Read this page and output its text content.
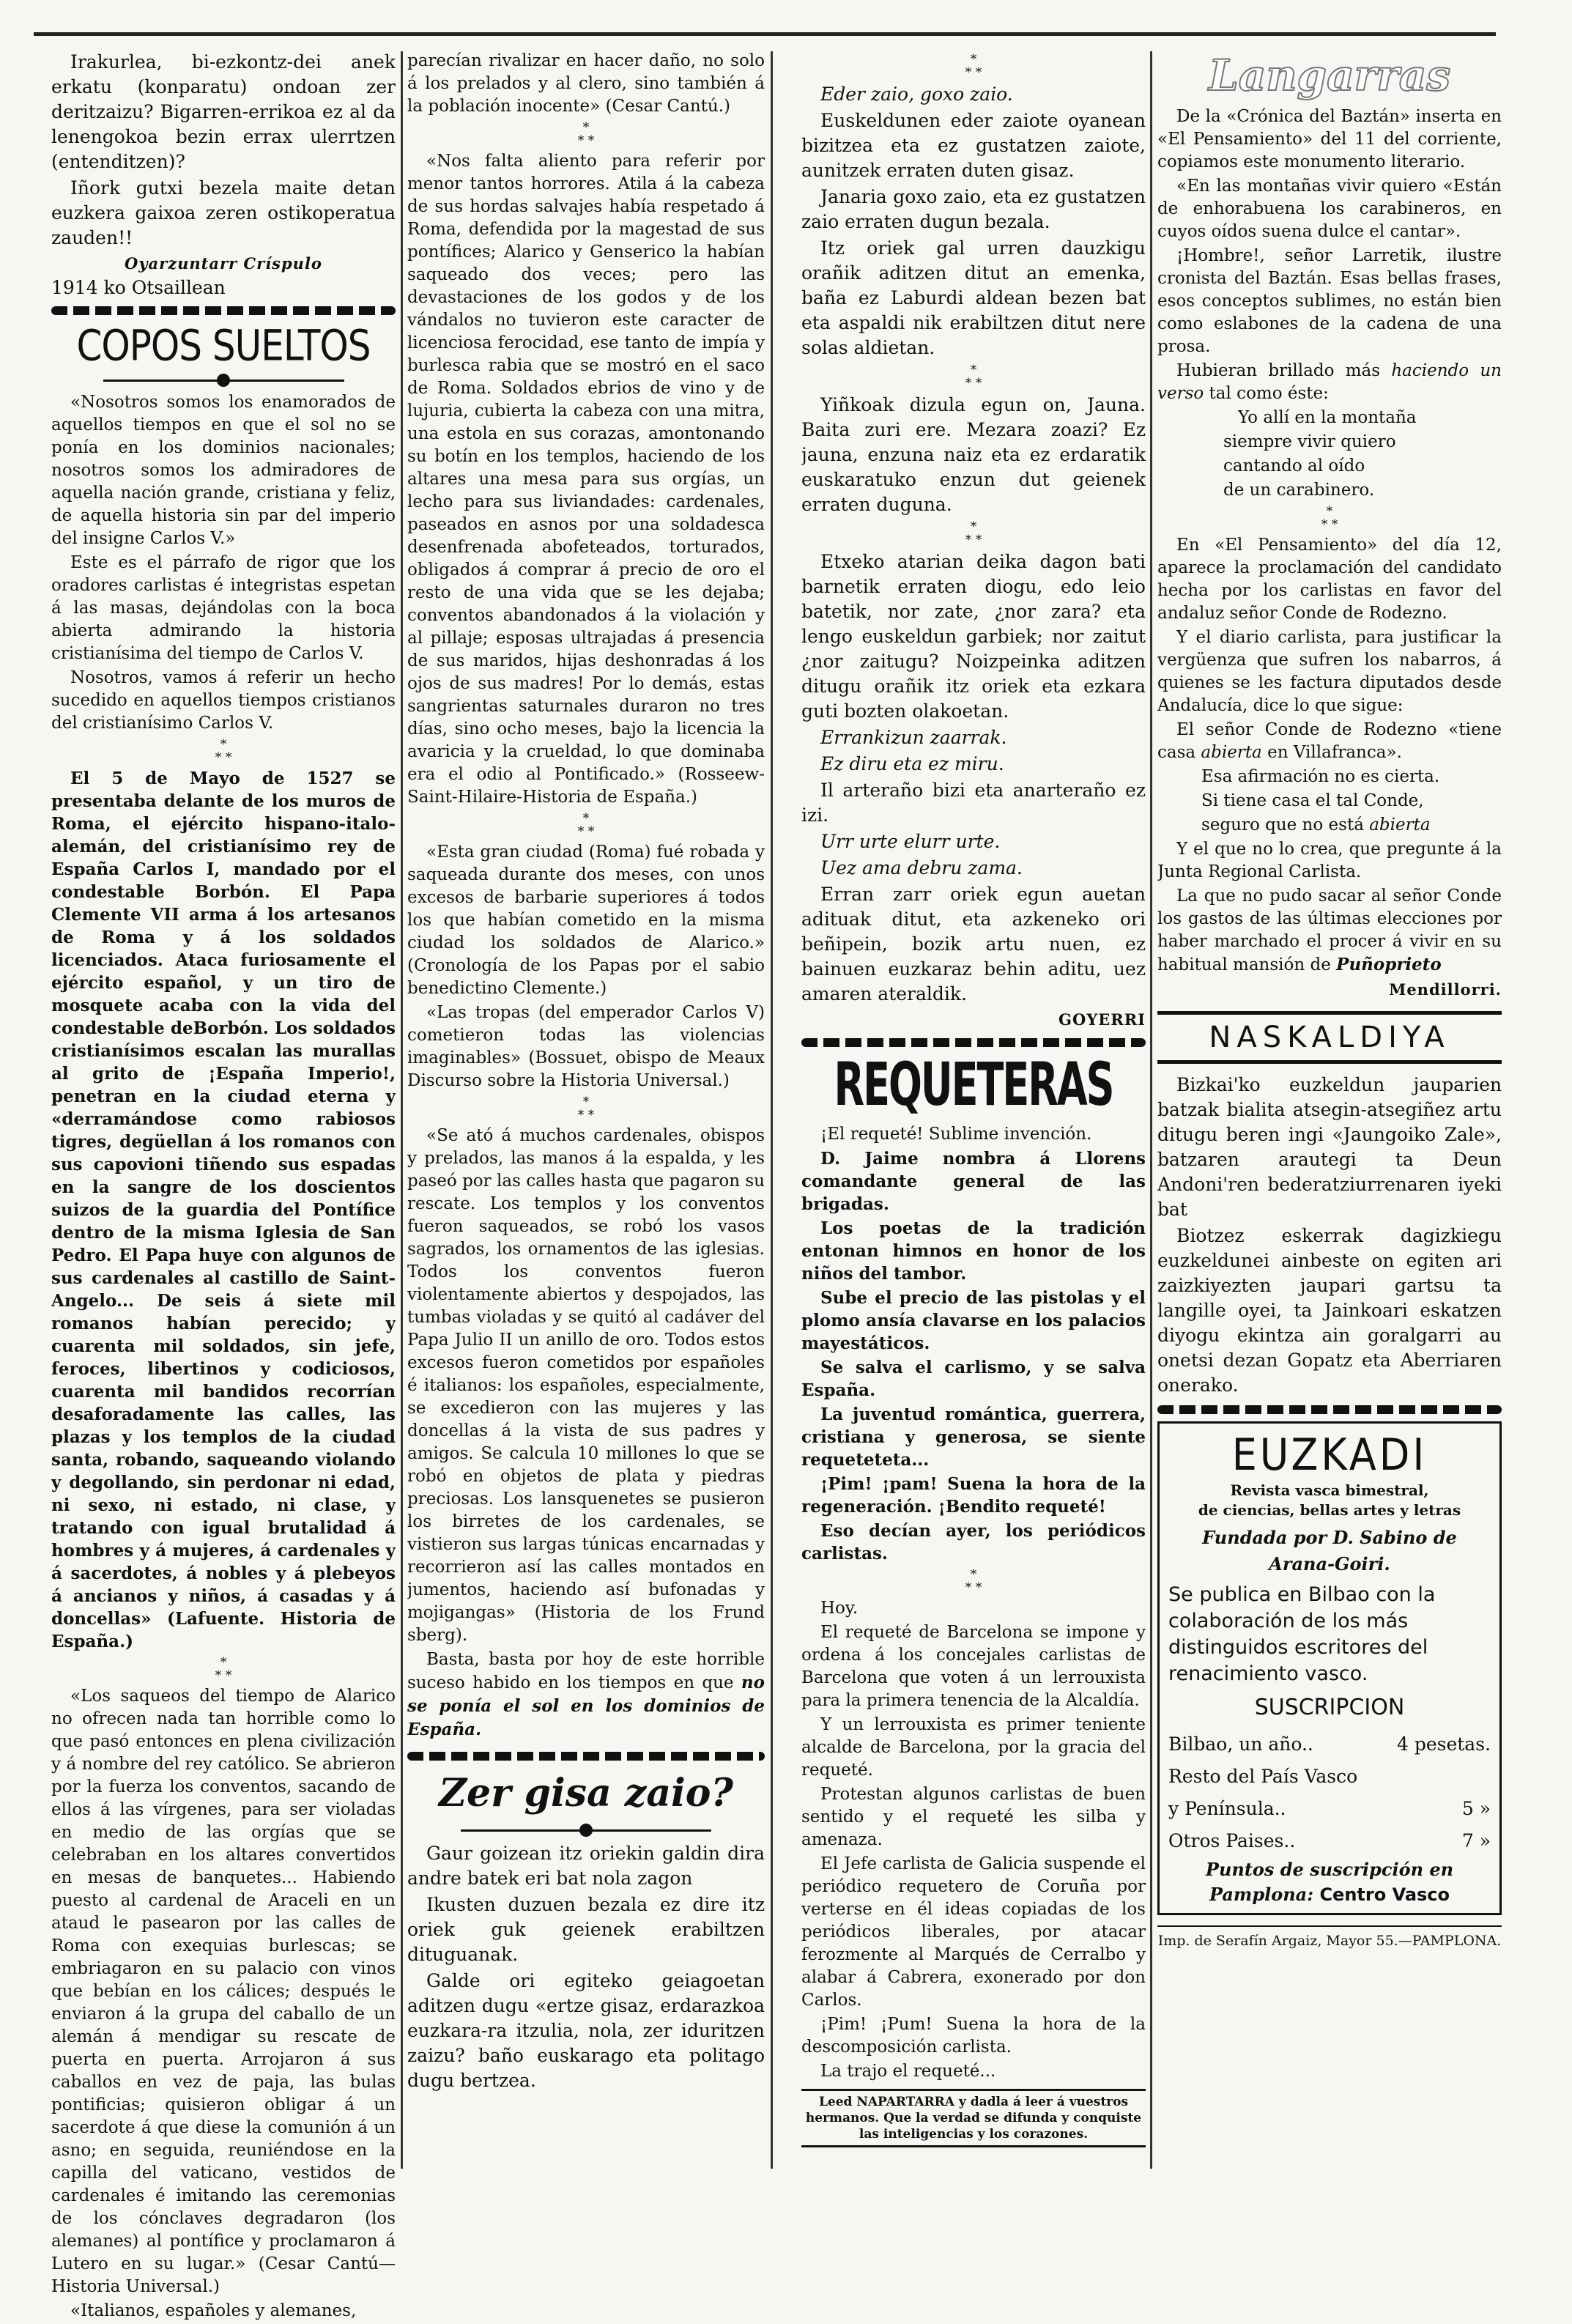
Irakurlea, bi-ezkontz-dei anek erkatu (konparatu) ondoan zer deritzaizu? Bigarren-errikoa ez al da lenengokoa bezin errax ulerrtzen (entenditzen)?

Iñork gutxi bezela maite detan euzkera gaixoa zeren ostikoperatua zauden!!

Oyarzuntarr Críspulo

1914 ko Otsaillean

COPOS SUELTOS

«Nosotros somos los enamorados de aquellos tiempos en que el sol no se ponía en los dominios nacionales; nosotros somos los admiradores de aquella nación grande, cristiana y feliz, de aquella historia sin par del imperio del insigne Carlos V.»

Este es el párrafo de rigor que los oradores carlistas é integristas espetan á las masas, dejándolas con la boca abierta admirando la historia cristianísima del tiempo de Carlos V.

Nosotros, vamos á referir un hecho sucedido en aquellos tiempos cristianos del cristianísimo Carlos V.

*
* *

El 5 de Mayo de 1527 se presentaba delante de los muros de Roma, el ejército hispano-italo-alemán, del cristianísimo rey de España Carlos I, mandado por el condestable Borbón. El Papa Clemente VII arma á los artesanos de Roma y á los soldados licenciados. Ataca furiosamente el ejército español, y un tiro de mosquete acaba con la vida del condestable deBorbón. Los soldados cristianísimos escalan las murallas al grito de ¡España Imperio!, penetran en la ciudad eterna y «derramándose como rabiosos tigres, degüellan á los romanos con sus capovioni tiñendo sus espadas en la sangre de los doscientos suizos de la guardia del Pontífice dentro de la misma Iglesia de San Pedro. El Papa huye con algunos de sus cardenales al castillo de Saint-Angelo... De seis á siete mil romanos habían perecido; y cuarenta mil soldados, sin jefe, feroces, libertinos y codiciosos, cuarenta mil bandidos recorrían desaforadamente las calles, las plazas y los templos de la ciudad santa, robando, saqueando violando y degollando, sin perdonar ni edad, ni sexo, ni estado, ni clase, y tratando con igual brutalidad á hombres y á mujeres, á cardenales y á sacerdotes, á nobles y á plebeyos á ancianos y niños, á casadas y á doncellas» (Lafuente. Historia de España.)

*
* *

«Los saqueos del tiempo de Alarico no ofrecen nada tan horrible como lo que pasó entonces en plena civilización y á nombre del rey católico. Se abrieron por la fuerza los conventos, sacando de ellos á las vírgenes, para ser violadas en medio de las orgías que se celebraban en los altares convertidos en mesas de banquetes... Habiendo puesto al cardenal de Araceli en un ataud le pasearon por las calles de Roma con exequias burlescas; se embriagaron en su palacio con vinos que bebían en los cálices; después le enviaron á la grupa del caballo de un alemán á mendigar su rescate de puerta en puerta. Arrojaron á sus caballos en vez de paja, las bulas pontificias; quisieron obligar á un sacerdote á que diese la comunión á un asno; en seguida, reuniéndose en la capilla del vaticano, vestidos de cardenales é imitando las ceremonias de los cónclaves degradaron (los alemanes) al pontífice y proclamaron á Lutero en su lugar.» (Cesar Cantú—Historia Universal.)

«Italianos, españoles y alemanes,

parecían rivalizar en hacer daño, no solo á los prelados y al clero, sino también á la población inocente» (Cesar Cantú.)

*
* *

«Nos falta aliento para referir por menor tantos horrores. Atila á la cabeza de sus hordas salvajes había respetado á Roma, defendida por la magestad de sus pontífices; Alarico y Genserico la habían saqueado dos veces; pero las devastaciones de los godos y de los vándalos no tuvieron este caracter de licenciosa ferocidad, ese tanto de impía y burlesca rabia que se mostró en el saco de Roma. Soldados ebrios de vino y de lujuria, cubierta la cabeza con una mitra, una estola en sus corazas, amontonando su botín en los templos, haciendo de los altares una mesa para sus orgías, un lecho para sus liviandades: cardenales, paseados en asnos por una soldadesca desenfrenada abofeteados, torturados, obligados á comprar á precio de oro el resto de una vida que se les dejaba; conventos abandonados á la violación y al pillaje; esposas ultrajadas á presencia de sus maridos, hijas deshonradas á los ojos de sus madres! Por lo demás, estas sangrientas saturnales duraron no tres días, sino ocho meses, bajo la licencia la avaricia y la crueldad, lo que dominaba era el odio al Pontificado.» (Rosseew-Saint-Hilaire-Historia de España.)

*
* *

«Esta gran ciudad (Roma) fué robada y saqueada durante dos meses, con unos excesos de barbarie superiores á todos los que habían cometido en la misma ciudad los soldados de Alarico.» (Cronología de los Papas por el sabio benedictino Clemente.)

«Las tropas (del emperador Carlos V) cometieron todas las violencias imaginables» (Bossuet, obispo de Meaux Discurso sobre la Historia Universal.)

*
* *

«Se ató á muchos cardenales, obispos y prelados, las manos á la espalda, y les paseó por las calles hasta que pagaron su rescate. Los templos y los conventos fueron saqueados, se robó los vasos sagrados, los ornamentos de las iglesias. Todos los conventos fueron violentamente abiertos y despojados, las tumbas violadas y se quitó al cadáver del Papa Julio II un anillo de oro. Todos estos excesos fueron cometidos por españoles é italianos: los españoles, especialmente, se excedieron con las mujeres y las doncellas á la vista de sus padres y amigos. Se calcula 10 millones lo que se robó en objetos de plata y piedras preciosas. Los lansquenetes se pusieron los birretes de los cardenales, se vistieron sus largas túnicas encarnadas y recorrieron así las calles montados en jumentos, haciendo así bufonadas y mojigangas» (Historia de los Frund sberg).

Basta, basta por hoy de este horrible suceso habido en los tiempos en que no se ponía el sol en los dominios de España.

Zer gisa zaio?

Gaur goizean itz oriekin galdin dira andre batek eri bat nola zagon

Ikusten duzuen bezala ez dire itz oriek guk geienek erabiltzen dituguanak.

Galde ori egiteko geiagoetan aditzen dugu «ertze gisaz, erdarazkoa euzkara-ra itzulia, nola, zer iduritzen zaizu? baño euskarago eta politago dugu bertzea.

*
* *

Eder zaio, goxo zaio.

Euskeldunen eder zaiote oyanean bizitzea eta ez gustatzen zaiote, aunitzek erraten duten gisaz.

Janaria goxo zaio, eta ez gustatzen zaio erraten dugun bezala.

Itz oriek gal urren dauzkigu orañik aditzen ditut an emenka, baña ez Laburdi aldean bezen bat eta aspaldi nik erabiltzen ditut nere solas aldietan.

*
* *

Yiñkoak dizula egun on, Jauna. Baita zuri ere. Mezara zoazi? Ez jauna, enzuna naiz eta ez erdaratik euskaratuko enzun dut geienek erraten duguna.

*
* *

Etxeko atarian deika dagon bati barnetik erraten diogu, edo leio batetik, nor zate, ¿nor zara? eta lengo euskeldun garbiek; nor zaitut ¿nor zaitugu? Noizpeinka aditzen ditugu orañik itz oriek eta ezkara guti bozten olakoetan.

Errankizun zaarrak.

Ez diru eta ez miru.

Il arteraño bizi eta anarteraño ez izi.

Urr urte elurr urte.

Uez ama debru zama.

Erran zarr oriek egun auetan adituak ditut, eta azkeneko ori beñipein, bozik artu nuen, ez bainuen euzkaraz behin aditu, uez amaren ateraldik.

GOYERRI

REQUETERAS

¡El requeté! Sublime invención.

D. Jaime nombra á Llorens comandante general de las brigadas.

Los poetas de la tradición entonan himnos en honor de los niños del tambor.

Sube el precio de las pistolas y el plomo ansía clavarse en los palacios mayestáticos.

Se salva el carlismo, y se salva España.

La juventud romántica, guerrera, cristiana y generosa, se siente requeteteta...

¡Pim! ¡pam! Suena la hora de la regeneración. ¡Bendito requeté!

Eso decían ayer, los periódicos carlistas.

*
* *

Hoy.

El requeté de Barcelona se impone y ordena á los concejales carlistas de Barcelona que voten á un lerrouxista para la primera tenencia de la Alcaldía.

Y un lerrouxista es primer teniente alcalde de Barcelona, por la gracia del requeté.

Protestan algunos carlistas de buen sentido y el requeté les silba y amenaza.

El Jefe carlista de Galicia suspende el periódico requetero de Coruña por verterse en él ideas copiadas de los periódicos liberales, por atacar ferozmente al Marqués de Cerralbo y alabar á Cabrera, exonerado por don Carlos.

¡Pim! ¡Pum! Suena la hora de la descomposición carlista.

La trajo el requeté...

Leed NAPARTARRA y dadla á leer á vuestros hermanos. Que la verdad se difunda y conquiste las inteligencias y los corazones.
Langarras

De la «Crónica del Baztán» inserta en «El Pensamiento» del 11 del corriente, copiamos este monumento literario.

«En las montañas vivir quiero «Están de enhorabuena los carabineros, en cuyos oídos suena dulce el cantar».

¡Hombre!, señor Larretik, ilustre cronista del Baztán. Esas bellas frases, esos conceptos sublimes, no están bien como eslabones de la cadena de una prosa.

Hubieran brillado más haciendo un verso tal como éste:

Yo allí en la montaña

siempre vivir quiero

cantando al oído

de un carabinero.

*
* *

En «El Pensamiento» del día 12, aparece la proclamación del candidato hecha por los carlistas en favor del andaluz señor Conde de Rodezno.

Y el diario carlista, para justificar la vergüenza que sufren los nabarros, á quienes se les factura diputados desde Andalucía, dice lo que sigue:

El señor Conde de Rodezno «tiene casa abierta en Villafranca».

Esa afirmación no es cierta.

Si tiene casa el tal Conde,

seguro que no está abierta

Y el que no lo crea, que pregunte á la Junta Regional Carlista.

La que no pudo sacar al señor Conde los gastos de las últimas elecciones por haber marchado el procer á vivir en su habitual mansión de Puñoprieto

Mendillorri.

NASKALDIYA

Bizkai'ko euzkeldun jauparien batzak bialita atsegin-atsegiñez artu ditugu beren ingi «Jaungoiko Zale», batzaren arautegi ta Deun Andoni'ren bederatziurrenaren iyeki bat

Biotzez eskerrak dagizkiegu euzkeldunei ainbeste on egiten ari zaizkiyezten jaupari gartsu ta langille oyei, ta Jainkoari eskatzen diyogu ekintza ain goralgarri au onetsi dezan Gopatz eta Aberriaren onerako.

EUZKADI
Revista vasca bimestral,
de ciencias, bellas artes y letras
Fundada por D. Sabino de Arana-Goiri.
Se publica en Bilbao con la colaboración de los más distinguidos escritores del renacimiento vasco.
SUSCRIPCION
Bilbao, un año..	4 pesetas.
Resto del País Vasco
y Península..	5 »
Otros Paises..	7 »
Puntos de suscripción en
Pamplona: Centro Vasco
Imp. de Serafín Argaiz, Mayor 55.—PAMPLONA.
